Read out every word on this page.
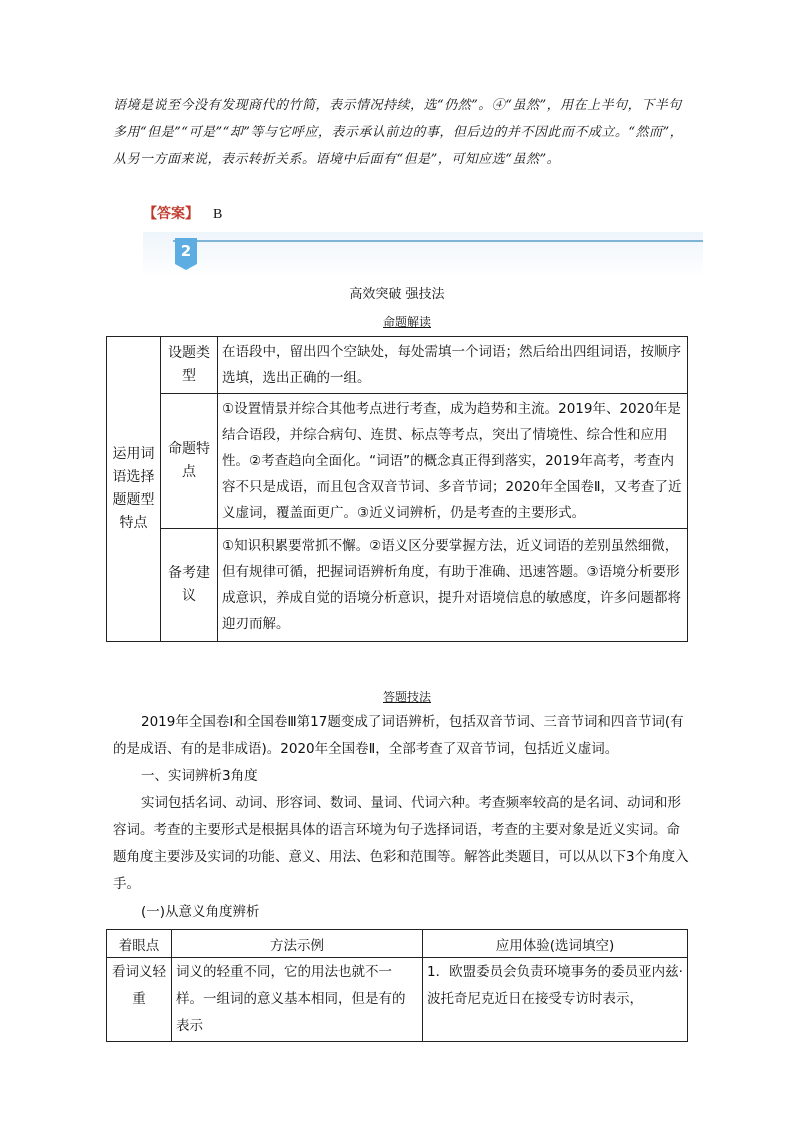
语境是说至今没有发现商代的竹简，表示情况持续，选“仍然”。④“虽然”，用在上半句，下半句多用“但是”“可是”“却”等与它呼应，表示承认前边的事，但后边的并不因此而不成立。“然而”，从另一方面来说，表示转折关系。语境中后面有“但是”，可知应选“虽然”。

【答案】 B
2
高效突破 强技法
命题解读
运用词语选择题题型特点	设题类型	在语段中，留出四个空缺处，每处需填一个词语；然后给出四组词语，按顺序选填，选出正确的一组。
	命题特点	①设置情景并综合其他考点进行考查，成为趋势和主流。2019年、2020年是结合语段，并综合病句、连贯、标点等考点，突出了情境性、综合性和应用性。②考查趋向全面化。“词语”的概念真正得到落实，2019年高考，考查内容不只是成语，而且包含双音节词、多音节词；2020年全国卷Ⅱ，又考查了近义虚词，覆盖面更广。③近义词辨析，仍是考查的主要形式。
	备考建议	①知识积累要常抓不懈。②语义区分要掌握方法，近义词语的差别虽然细微，但有规律可循，把握词语辨析角度，有助于准确、迅速答题。③语境分析要形成意识，养成自觉的语境分析意识，提升对语境信息的敏感度，许多问题都将迎刃而解。
答题技法

2019年全国卷Ⅰ和全国卷Ⅲ第17题变成了词语辨析，包括双音节词、三音节词和四音节词(有的是成语、有的是非成语)。2020年全国卷Ⅱ，全部考查了双音节词，包括近义虚词。

一、实词辨析3角度

实词包括名词、动词、形容词、数词、量词、代词六种。考查频率较高的是名词、动词和形容词。考查的主要形式是根据具体的语言环境为句子选择词语，考查的主要对象是近义实词。命题角度主要涉及实词的功能、意义、用法、色彩和范围等。解答此类题目，可以从以下3个角度入手。

(一)从意义角度辨析

着眼点	方法示例	应用体验(选词填空)
看词义轻重	词义的轻重不同，它的用法也就不一样。一组词的意义基本相同，但是有的表示	1．欧盟委员会负责环境事务的委员亚内兹·波托奇尼克近日在接受专访时表示，
